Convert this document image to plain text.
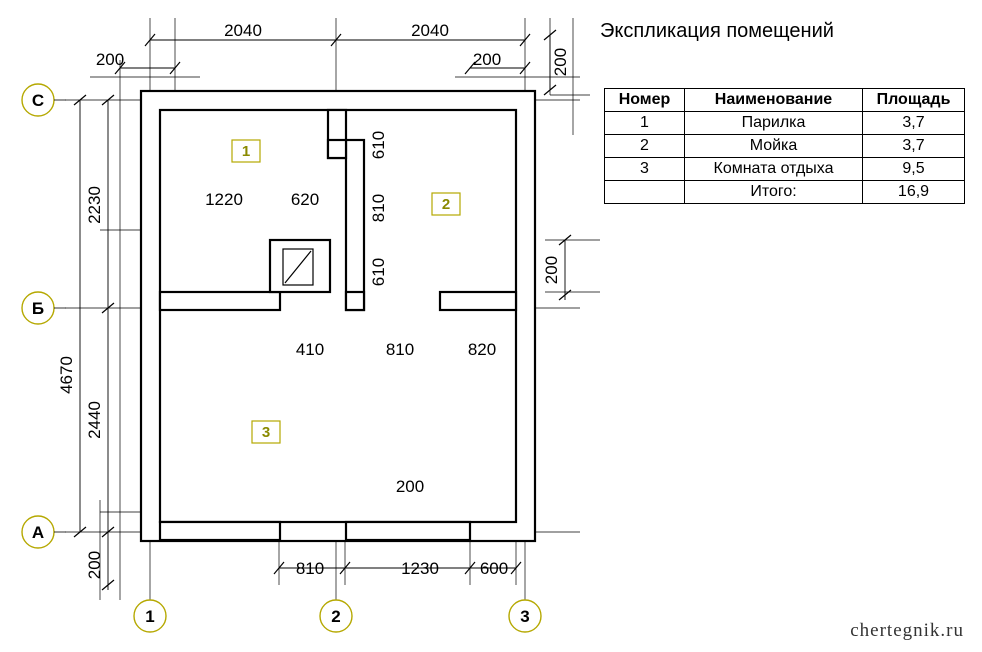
2040	2040
200	200	200
4670
2230
2440
200
200
610
810
610
1220	620
410	810	820
200
810	1230 600
1
2
3
С
Б
А
1	2	3
Экспликация помещений
Номер	Наименование	Площадь
1	Парилка	3,7
2	Мойка	3,7
3	Комната отдыха	9,5
	Итого:	16,9
chertegnik.ru
